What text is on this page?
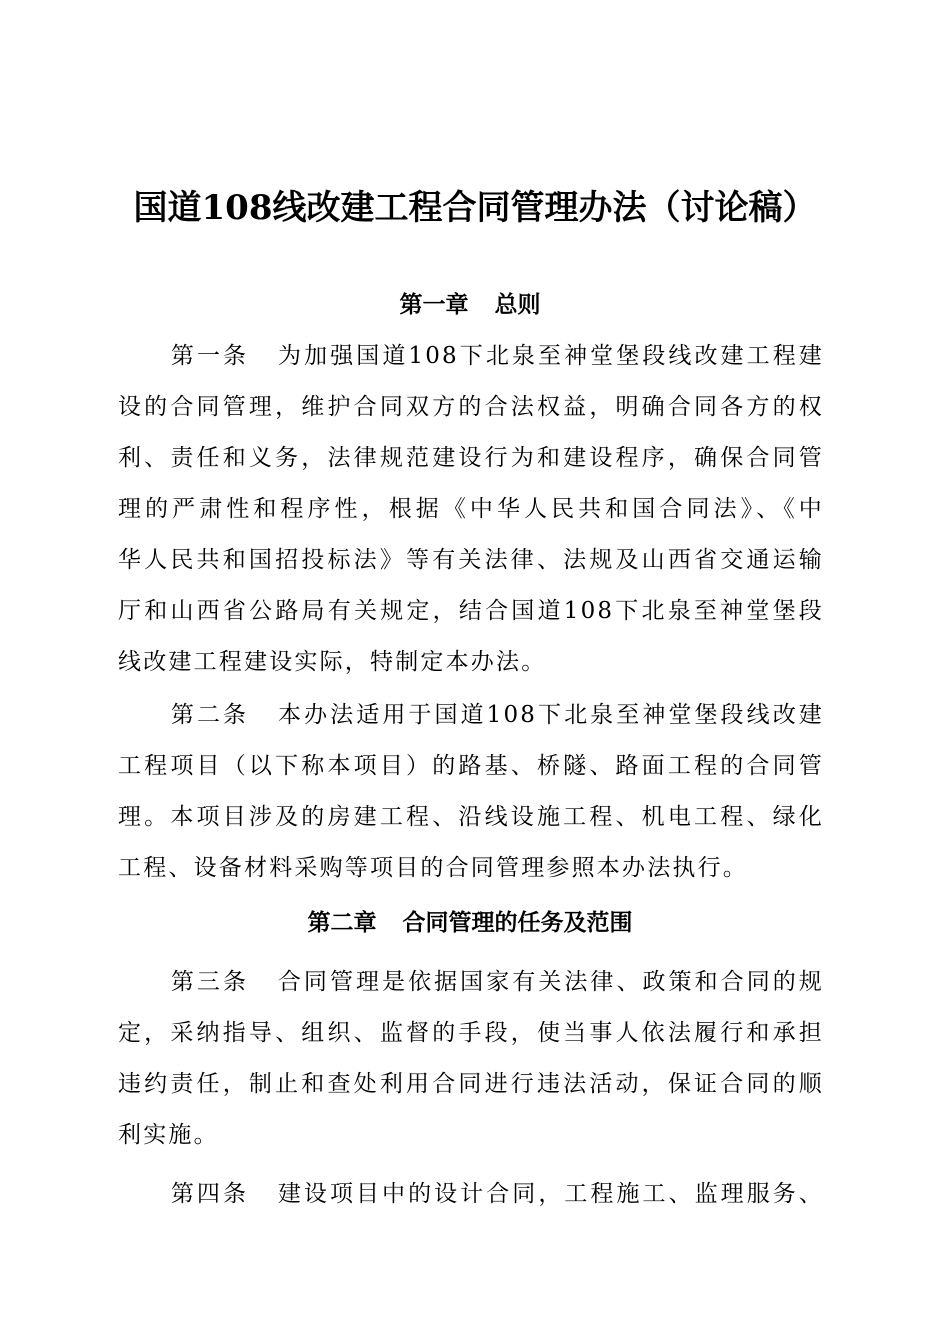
国道108线改建工程合同管理办法（讨论稿）
第一章 总则
第一条 为加强国道108下北泉至神堂堡段线改建工程建
设的合同管理，维护合同双方的合法权益，明确合同各方的权
利、责任和义务，法律规范建设行为和建设程序，确保合同管
理的严肃性和程序性，根据《中华人民共和国合同法》、《中
华人民共和国招投标法》等有关法律、法规及山西省交通运输
厅和山西省公路局有关规定，结合国道108下北泉至神堂堡段
线改建工程建设实际，特制定本办法。
第二条 本办法适用于国道108下北泉至神堂堡段线改建
工程项目（以下称本项目）的路基、桥隧、路面工程的合同管
理。本项目涉及的房建工程、沿线设施工程、机电工程、绿化
工程、设备材料采购等项目的合同管理参照本办法执行。
第二章 合同管理的任务及范围
第三条 合同管理是依据国家有关法律、政策和合同的规
定，采纳指导、组织、监督的手段，使当事人依法履行和承担
违约责任，制止和查处利用合同进行违法活动，保证合同的顺
利实施。
第四条 建设项目中的设计合同，工程施工、监理服务、
